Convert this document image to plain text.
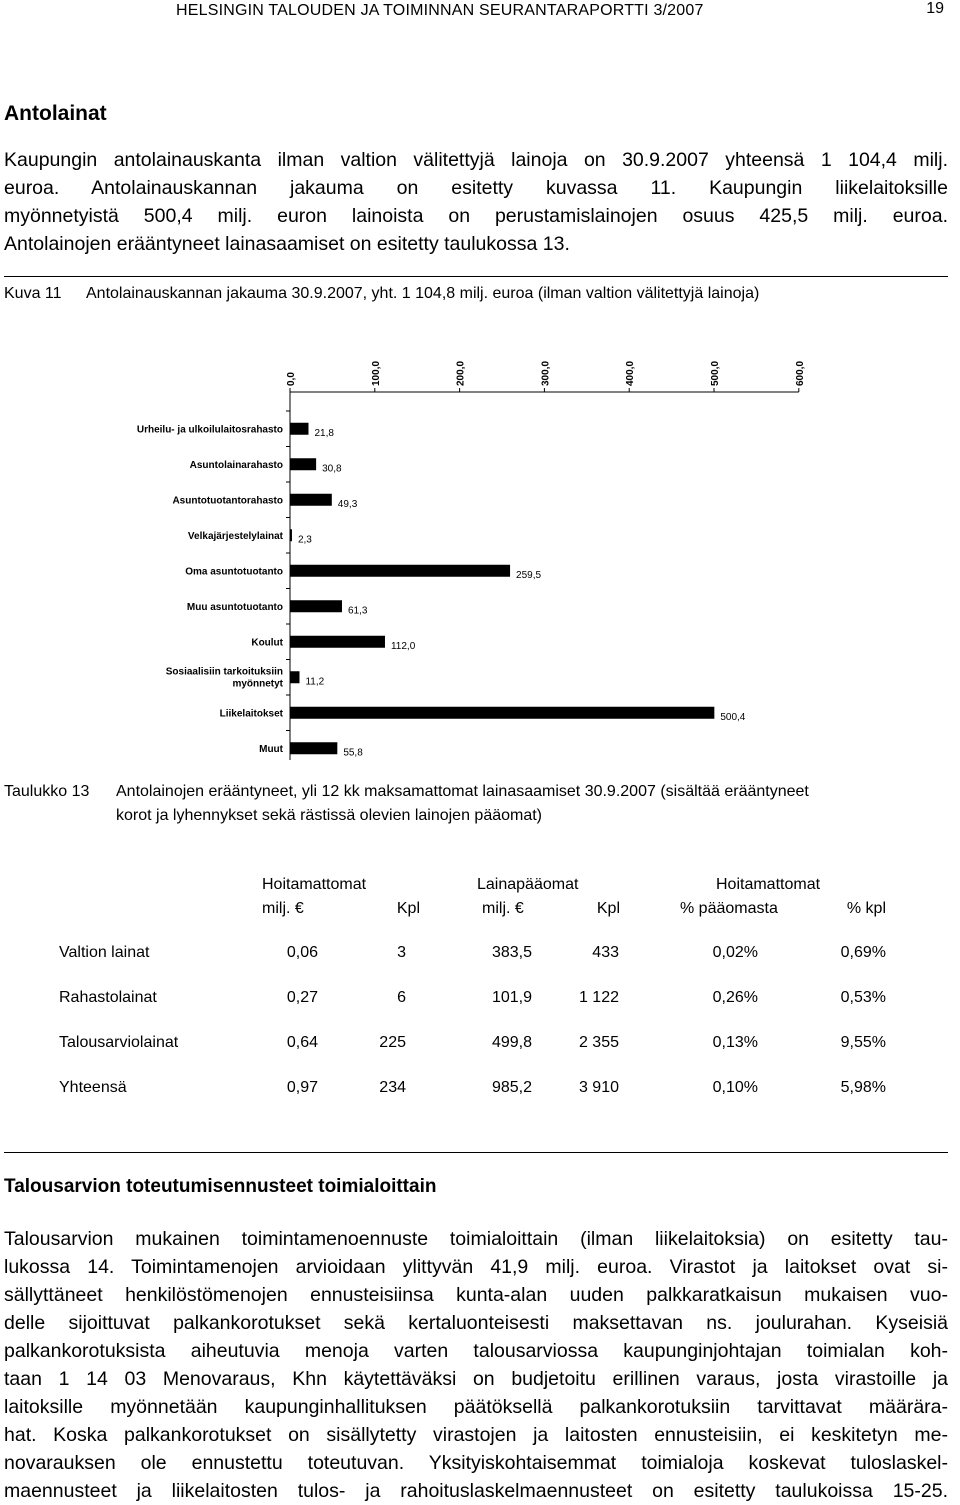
HELSINGIN TALOUDEN JA TOIMINNAN SEURANTARAPORTTI 3/2007	19
Antolainat
Kaupungin antolainauskanta ilman valtion välitettyjä lainoja on 30.9.2007 yhteensä 1 104,4 milj.
euroa. Antolainauskannan jakauma on esitetty kuvassa 11. Kaupungin liikelaitoksille
myönnetyistä 500,4 milj. euron lainoista on perustamislainojen osuus 425,5 milj. euroa.
Antolainojen erääntyneet lainasaamiset on esitetty taulukossa 13.
Kuva 11 Antolainauskannan jakauma 30.9.2007, yht. 1 104,8 milj. euroa (ilman valtion välitettyjä lainoja)
0,0	100,0	200,0	300,0	400,0	500,0	600,0
Urheilu- ja ulkoilulaitosrahasto	21,8
Asuntolainarahasto	30,8
Asuntotuotantorahasto	49,3
Velkajärjestelylainat 2,3
Oma asuntotuotanto	259,5
Muu asuntotuotanto	61,3
Koulut	112,0
Sosiaalisiin tarkoituksiin myönnetyt 11,2
Liikelaitokset	500,4
Muut	55,8
Taulukko 13 Antolainojen erääntyneet, yli 12 kk maksamattomat lainasaamiset 30.9.2007 (sisältää erääntyneet
korot ja lyhennykset sekä rästissä olevien lainojen pääomat)
Hoitamattomat	Lainapääomat	Hoitamattomat
milj. €	Kpl	milj. €	Kpl	% pääomasta	% kpl
Valtion lainat	0,06	3	383,5	433	0,02%	0,69%
Rahastolainat	0,27	6	101,9	1 122	0,26%	0,53%
Talousarviolainat	0,64	225	499,8	2 355	0,13%	9,55%
Yhteensä	0,97	234	985,2	3 910	0,10%	5,98%
Talousarvion toteutumisennusteet toimialoittain
Talousarvion mukainen toimintamenoennuste toimialoittain (ilman liikelaitoksia) on esitetty tau-
lukossa 14. Toimintamenojen arvioidaan ylittyvän 41,9 milj. euroa. Virastot ja laitokset ovat si-
sällyttäneet henkilöstömenojen ennusteisiinsa kunta-alan uuden palkkaratkaisun mukaisen vuo-
delle sijoittuvat palkankorotukset sekä kertaluonteisesti maksettavan ns. joulurahan. Kyseisiä
palkankorotuksista aiheutuvia menoja varten talousarviossa kaupunginjohtajan toimialan koh-
taan 1 14 03 Menovaraus, Khn käytettäväksi on budjetoitu erillinen varaus, josta virastoille ja
laitoksille myönnetään kaupunginhallituksen päätöksellä palkankorotuksiin tarvittavat määrära-
hat. Koska palkankorotukset on sisällytetty virastojen ja laitosten ennusteisiin, ei keskitetyn me-
novarauksen ole ennustettu toteutuvan. Yksityiskohtaisemmat toimialoja koskevat tuloslaskel-
maennusteet ja liikelaitosten tulos- ja rahoituslaskelmaennusteet on esitetty taulukoissa 15-25.
